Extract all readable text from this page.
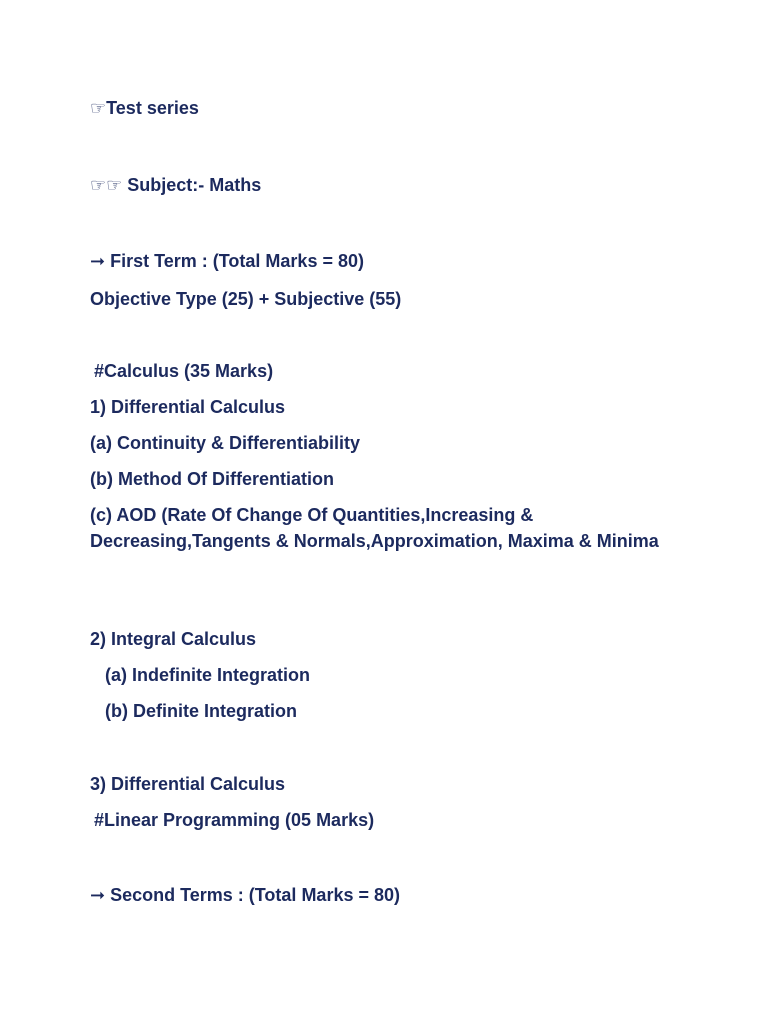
☞Test series
☞☞ Subject:- Maths
➞ First Term : (Total Marks = 80)
Objective Type (25) + Subjective (55)
#Calculus (35 Marks)
1) Differential Calculus
(a) Continuity & Differentiability
(b) Method Of Differentiation
(c) AOD (Rate Of Change Of Quantities,Increasing & Decreasing,Tangents & Normals,Approximation, Maxima & Minima
2) Integral Calculus
(a) Indefinite Integration
(b) Definite Integration
3) Differential Calculus
#Linear Programming (05 Marks)
➞ Second Terms : (Total Marks = 80)
